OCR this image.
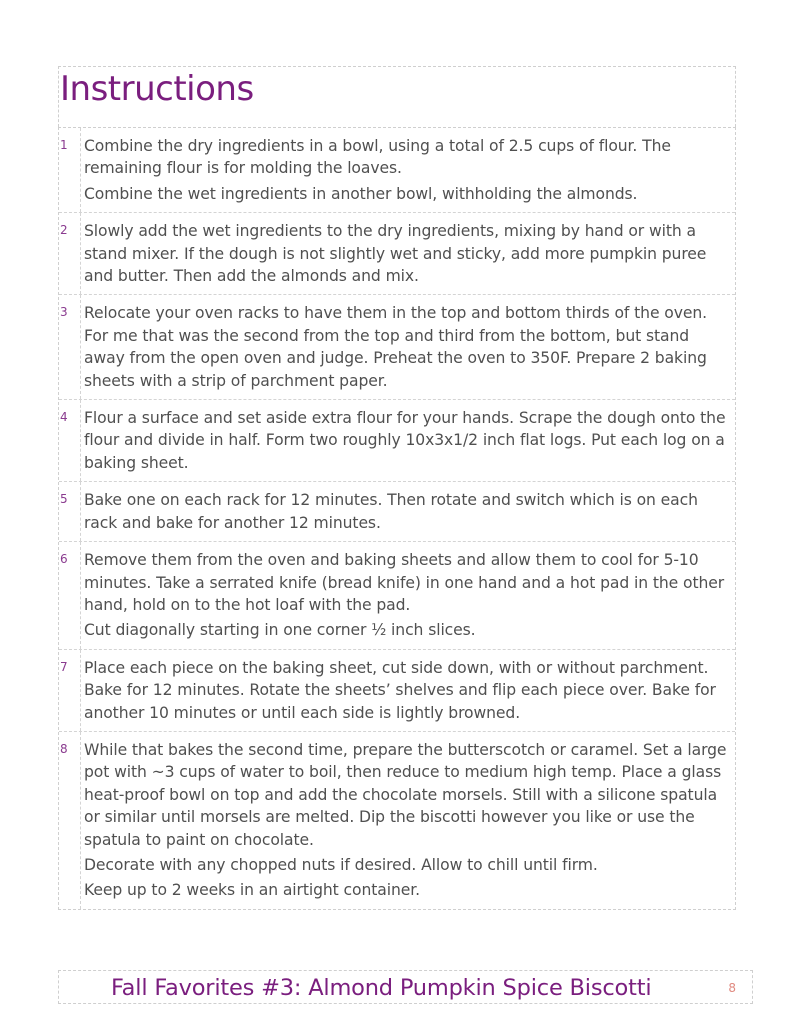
Instructions
1	Combine the dry ingredients in a bowl, using a total of 2.5 cups of flour. The remaining flour is for molding the loaves.

Combine the wet ingredients in another bowl, withholding the almonds.

2	Slowly add the wet ingredients to the dry ingredients, mixing by hand or with a stand mixer. If the dough is not slightly wet and sticky, add more pumpkin puree and butter. Then add the almonds and mix.

3	Relocate your oven racks to have them in the top and bottom thirds of the oven. For me that was the second from the top and third from the bottom, but stand away from the open oven and judge. Preheat the oven to 350F. Prepare 2 baking sheets with a strip of parchment paper.

4	Flour a surface and set aside extra flour for your hands. Scrape the dough onto the flour and divide in half. Form two roughly 10x3x1/2 inch flat logs. Put each log on a baking sheet.

5	Bake one on each rack for 12 minutes. Then rotate and switch which is on each rack and bake for another 12 minutes.

6	Remove them from the oven and baking sheets and allow them to cool for 5-10 minutes. Take a serrated knife (bread knife) in one hand and a hot pad in the other hand, hold on to the hot loaf with the pad.

Cut diagonally starting in one corner ½ inch slices.

7	Place each piece on the baking sheet, cut side down, with or without parchment. Bake for 12 minutes. Rotate the sheets’ shelves and flip each piece over. Bake for another 10 minutes or until each side is lightly browned.

8	While that bakes the second time, prepare the butterscotch or caramel. Set a large pot with ~3 cups of water to boil, then reduce to medium high temp. Place a glass heat-proof bowl on top and add the chocolate morsels. Still with a silicone spatula or similar until morsels are melted. Dip the biscotti however you like or use the spatula to paint on chocolate.

Decorate with any chopped nuts if desired. Allow to chill until firm.

Keep up to 2 weeks in an airtight container.

Fall Favorites #3: Almond Pumpkin Spice Biscotti	8
